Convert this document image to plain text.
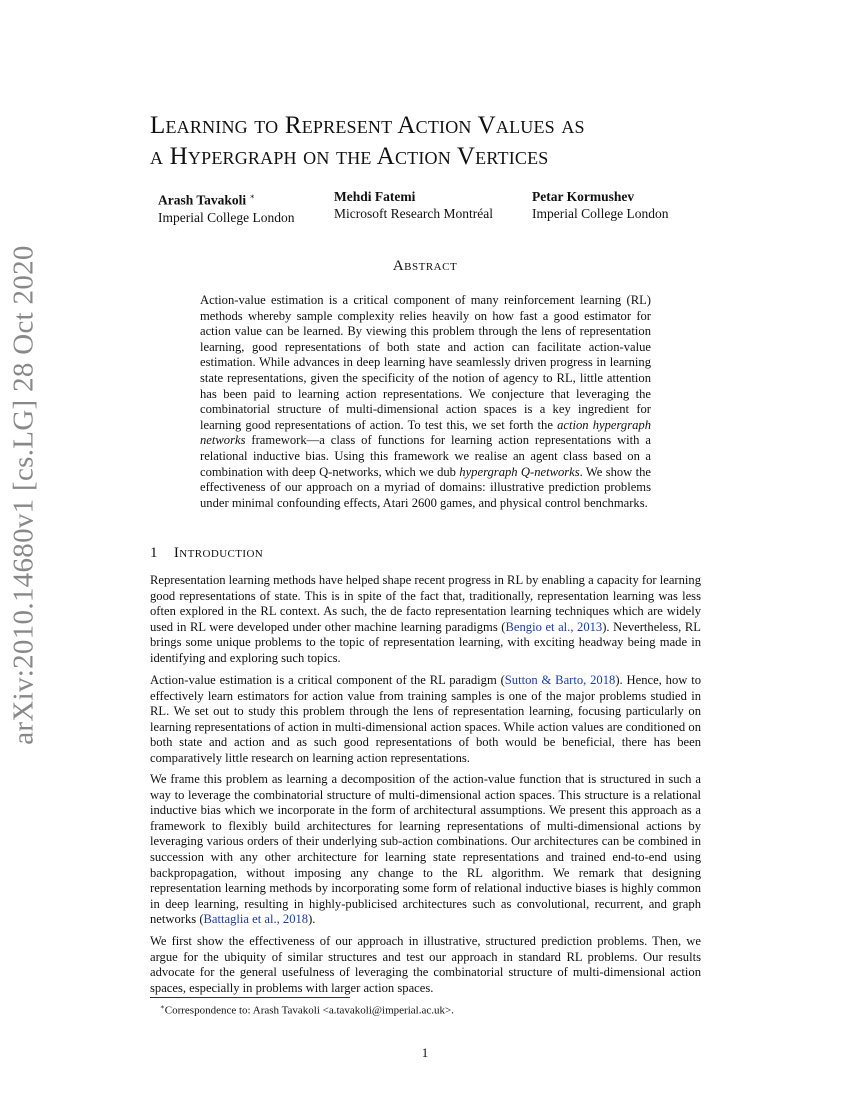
arXiv:2010.14680v1 [cs.LG] 28 Oct 2020
Learning to Represent Action Values as
a Hypergraph on the Action Vertices
Arash Tavakoli ∗
Imperial College London
Mehdi Fatemi
Microsoft Research Montréal
Petar Kormushev
Imperial College London
Abstract
Action-value estimation is a critical component of many reinforcement learning (RL) methods whereby sample complexity relies heavily on how fast a good estimator for action value can be learned. By viewing this problem through the lens of representation learning, good representations of both state and action can facilitate action-value estimation. While advances in deep learning have seamlessly driven progress in learning state representations, given the specificity of the notion of agency to RL, little attention has been paid to learning action representations. We conjecture that leveraging the combinatorial structure of multi-dimensional action spaces is a key ingredient for learning good representations of action. To test this, we set forth the action hypergraph networks framework—a class of functions for learning action representations with a relational inductive bias. Using this framework we realise an agent class based on a combination with deep Q-networks, which we dub hypergraph Q-networks. We show the effectiveness of our approach on a myriad of domains: illustrative prediction problems under minimal confounding effects, Atari 2600 games, and physical control benchmarks.
1 Introduction

Representation learning methods have helped shape recent progress in RL by enabling a capacity for learning good representations of state. This is in spite of the fact that, traditionally, representation learning was less often explored in the RL context. As such, the de facto representation learning techniques which are widely used in RL were developed under other machine learning paradigms (Bengio et al., 2013). Nevertheless, RL brings some unique problems to the topic of representation learning, with exciting headway being made in identifying and exploring such topics.

Action-value estimation is a critical component of the RL paradigm (Sutton & Barto, 2018). Hence, how to effectively learn estimators for action value from training samples is one of the major problems studied in RL. We set out to study this problem through the lens of representation learning, focusing particularly on learning representations of action in multi-dimensional action spaces. While action values are conditioned on both state and action and as such good representations of both would be beneficial, there has been comparatively little research on learning action representations.

We frame this problem as learning a decomposition of the action-value function that is structured in such a way to leverage the combinatorial structure of multi-dimensional action spaces. This structure is a relational inductive bias which we incorporate in the form of architectural assumptions. We present this approach as a framework to flexibly build architectures for learning representations of multi-dimensional actions by leveraging various orders of their underlying sub-action combinations. Our architectures can be combined in succession with any other architecture for learning state representations and trained end-to-end using backpropagation, without imposing any change to the RL algorithm. We remark that designing representation learning methods by incorporating some form of relational inductive biases is highly common in deep learning, resulting in highly-publicised architectures such as convolutional, recurrent, and graph networks (Battaglia et al., 2018).

We first show the effectiveness of our approach in illustrative, structured prediction problems. Then, we argue for the ubiquity of similar structures and test our approach in standard RL problems. Our results advocate for the general usefulness of leveraging the combinatorial structure of multi-dimensional action spaces, especially in problems with larger action spaces.

∗Correspondence to: Arash Tavakoli <a.tavakoli@imperial.ac.uk>.
1
